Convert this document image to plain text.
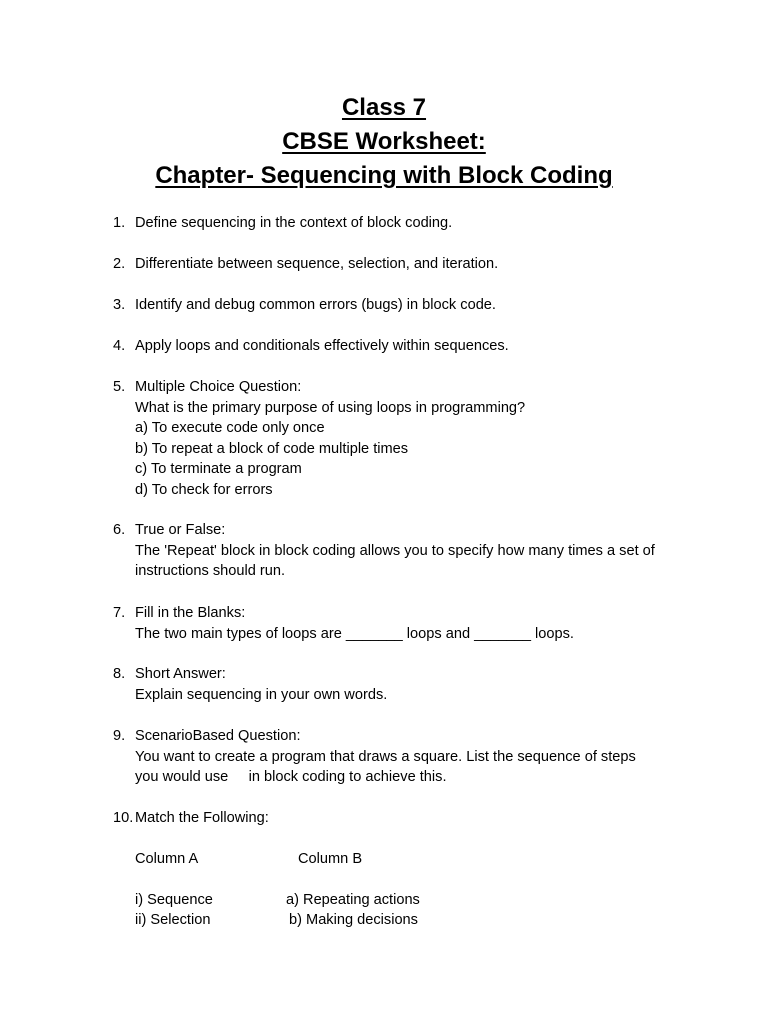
Class 7
CBSE Worksheet:
Chapter- Sequencing with Block Coding
1. Define sequencing in the context of block coding.
2. Differentiate between sequence, selection, and iteration.
3. Identify and debug common errors (bugs) in block code.
4. Apply loops and conditionals effectively within sequences.
5. Multiple Choice Question:
What is the primary purpose of using loops in programming?
a) To execute code only once
b) To repeat a block of code multiple times
c) To terminate a program
d) To check for errors
6. True or False:
The 'Repeat' block in block coding allows you to specify how many times a set of
instructions should run.
7. Fill in the Blanks:
The two main types of loops are _______ loops and _______ loops.
8. Short Answer:
Explain sequencing in your own words.
9. ScenarioBased Question:
You want to create a program that draws a square. List the sequence of steps
you would use     in block coding to achieve this.
10. Match the Following:
Column A	Column B
i) Sequence	a) Repeating actions
ii) Selection	b) Making decisions
